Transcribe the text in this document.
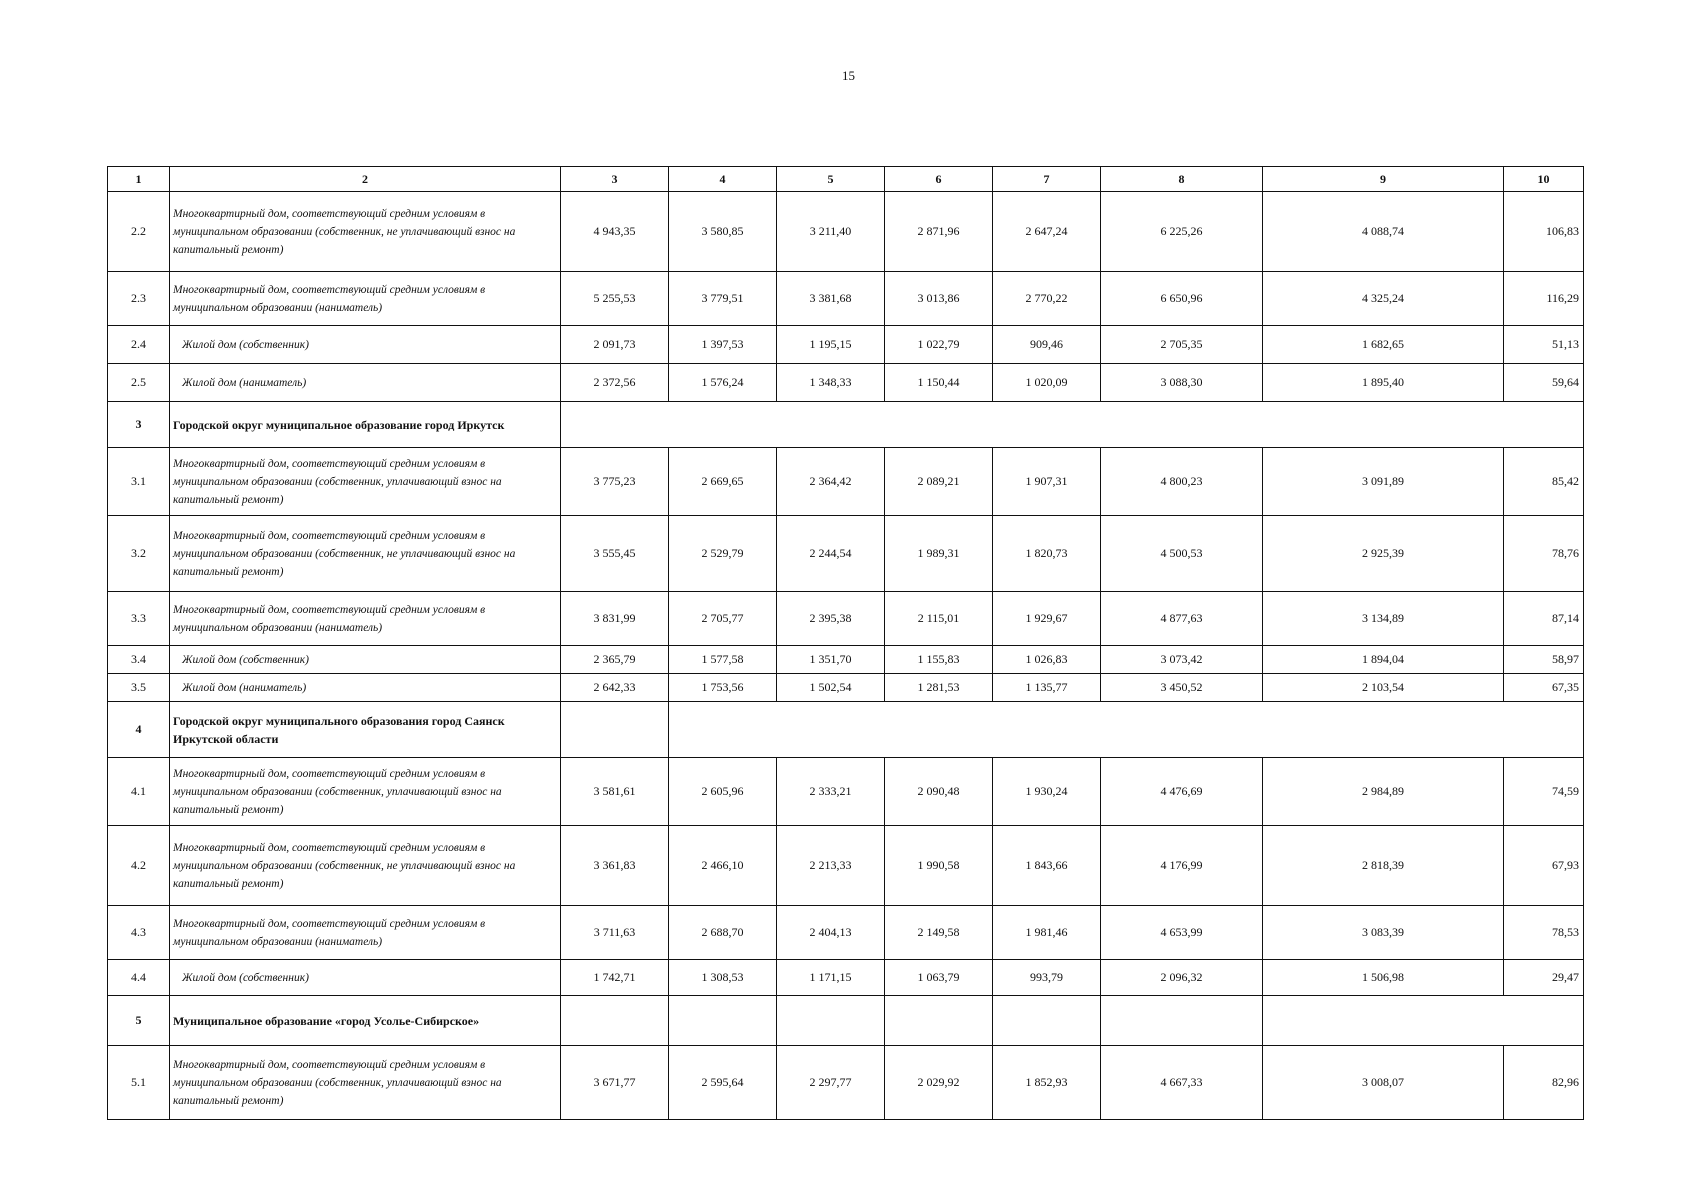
15
1	2	3	4	5	6	7	8	9	10
2.2	Многоквартирный дом, соответствующий средним условиям в муниципальном образовании (собственник, не уплачивающий взнос на капитальный ремонт)	4 943,35	3 580,85	3 211,40	2 871,96	2 647,24	6 225,26	4 088,74	106,83
2.3	Многоквартирный дом, соответствующий средним условиям в муниципальном образовании (наниматель)	5 255,53	3 779,51	3 381,68	3 013,86	2 770,22	6 650,96	4 325,24	116,29
2.4	Жилой дом (собственник)	2 091,73	1 397,53	1 195,15	1 022,79	909,46	2 705,35	1 682,65	51,13
2.5	Жилой дом (наниматель)	2 372,56	1 576,24	1 348,33	1 150,44	1 020,09	3 088,30	1 895,40	59,64
3	Городской округ муниципальное образование город Иркутск								
3.1	Многоквартирный дом, соответствующий средним условиям в муниципальном образовании (собственник, уплачивающий взнос на капитальный ремонт)	3 775,23	2 669,65	2 364,42	2 089,21	1 907,31	4 800,23	3 091,89	85,42
3.2	Многоквартирный дом, соответствующий средним условиям в муниципальном образовании (собственник, не уплачивающий взнос на капитальный ремонт)	3 555,45	2 529,79	2 244,54	1 989,31	1 820,73	4 500,53	2 925,39	78,76
3.3	Многоквартирный дом, соответствующий средним условиям в муниципальном образовании (наниматель)	3 831,99	2 705,77	2 395,38	2 115,01	1 929,67	4 877,63	3 134,89	87,14
3.4	Жилой дом (собственник)	2 365,79	1 577,58	1 351,70	1 155,83	1 026,83	3 073,42	1 894,04	58,97
3.5	Жилой дом (наниматель)	2 642,33	1 753,56	1 502,54	1 281,53	1 135,77	3 450,52	2 103,54	67,35
4	Городской округ муниципального образования город Саянск Иркутской области								
4.1	Многоквартирный дом, соответствующий средним условиям в муниципальном образовании (собственник, уплачивающий взнос на капитальный ремонт)	3 581,61	2 605,96	2 333,21	2 090,48	1 930,24	4 476,69	2 984,89	74,59
4.2	Многоквартирный дом, соответствующий средним условиям в муниципальном образовании (собственник, не уплачивающий взнос на капитальный ремонт)	3 361,83	2 466,10	2 213,33	1 990,58	1 843,66	4 176,99	2 818,39	67,93
4.3	Многоквартирный дом, соответствующий средним условиям в муниципальном образовании (наниматель)	3 711,63	2 688,70	2 404,13	2 149,58	1 981,46	4 653,99	3 083,39	78,53
4.4	Жилой дом (собственник)	1 742,71	1 308,53	1 171,15	1 063,79	993,79	2 096,32	1 506,98	29,47
5	Муниципальное образование «город Усолье-Сибирское»								
5.1	Многоквартирный дом, соответствующий средним условиям в муниципальном образовании (собственник, уплачивающий взнос на капитальный ремонт)	3 671,77	2 595,64	2 297,77	2 029,92	1 852,93	4 667,33	3 008,07	82,96
